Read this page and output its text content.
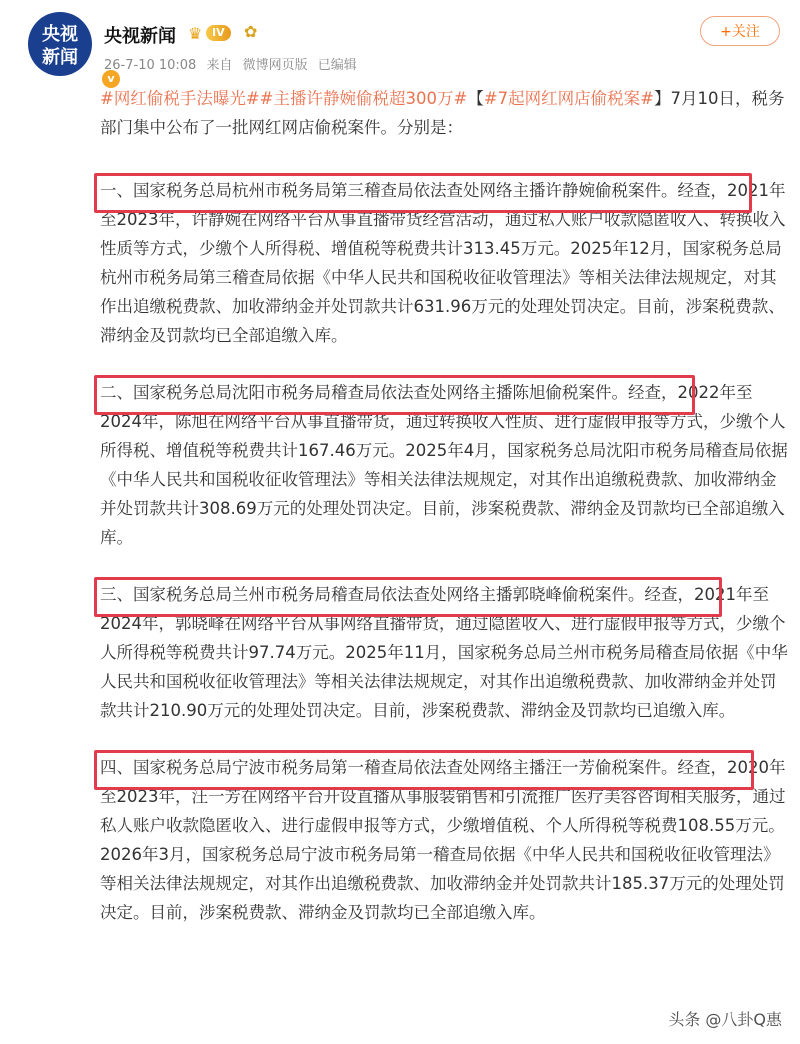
央视
新闻
v
央视新闻 ♛ IV	✿
26-7-10 10:08 来自 微博网页版 已编辑
+关注
#网红偷税手法曝光##主播许静婉偷税超300万#【#7起网红网店偷税案#】7月10日，税务部门集中公布了一批网红网店偷税案件。分别是：
一、国家税务总局杭州市税务局第三稽查局依法查处网络主播许静婉偷税案件。经查，2021年至2023年，许静婉在网络平台从事直播带货经营活动，通过私人账户收款隐匿收入、转换收入性质等方式，少缴个人所得税、增值税等税费共计313.45万元。2025年12月，国家税务总局杭州市税务局第三稽查局依据《中华人民共和国税收征收管理法》等相关法律法规规定，对其作出追缴税费款、加收滞纳金并处罚款共计631.96万元的处理处罚决定。目前，涉案税费款、滞纳金及罚款均已全部追缴入库。
二、国家税务总局沈阳市税务局稽查局依法查处网络主播陈旭偷税案件。经查，2022年至2024年，陈旭在网络平台从事直播带货，通过转换收入性质、进行虚假申报等方式，少缴个人所得税、增值税等税费共计167.46万元。2025年4月，国家税务总局沈阳市税务局稽查局依据《中华人民共和国税收征收管理法》等相关法律法规规定，对其作出追缴税费款、加收滞纳金并处罚款共计308.69万元的处理处罚决定。目前，涉案税费款、滞纳金及罚款均已全部追缴入库。
三、国家税务总局兰州市税务局稽查局依法查处网络主播郭晓峰偷税案件。经查，2021年至2024年，郭晓峰在网络平台从事网络直播带货，通过隐匿收入、进行虚假申报等方式，少缴个人所得税等税费共计97.74万元。2025年11月，国家税务总局兰州市税务局稽查局依据《中华人民共和国税收征收管理法》等相关法律法规规定，对其作出追缴税费款、加收滞纳金并处罚款共计210.90万元的处理处罚决定。目前，涉案税费款、滞纳金及罚款均已追缴入库。
四、国家税务总局宁波市税务局第一稽查局依法查处网络主播汪一芳偷税案件。经查，2020年至2023年，汪一芳在网络平台开设直播从事服装销售和引流推广医疗美容咨询相关服务，通过私人账户收款隐匿收入、进行虚假申报等方式，少缴增值税、个人所得税等税费108.55万元。2026年3月，国家税务总局宁波市税务局第一稽查局依据《中华人民共和国税收征收管理法》等相关法律法规规定，对其作出追缴税费款、加收滞纳金并处罚款共计185.37万元的处理处罚决定。目前，涉案税费款、滞纳金及罚款均已全部追缴入库。
头条 @八卦Q惠
